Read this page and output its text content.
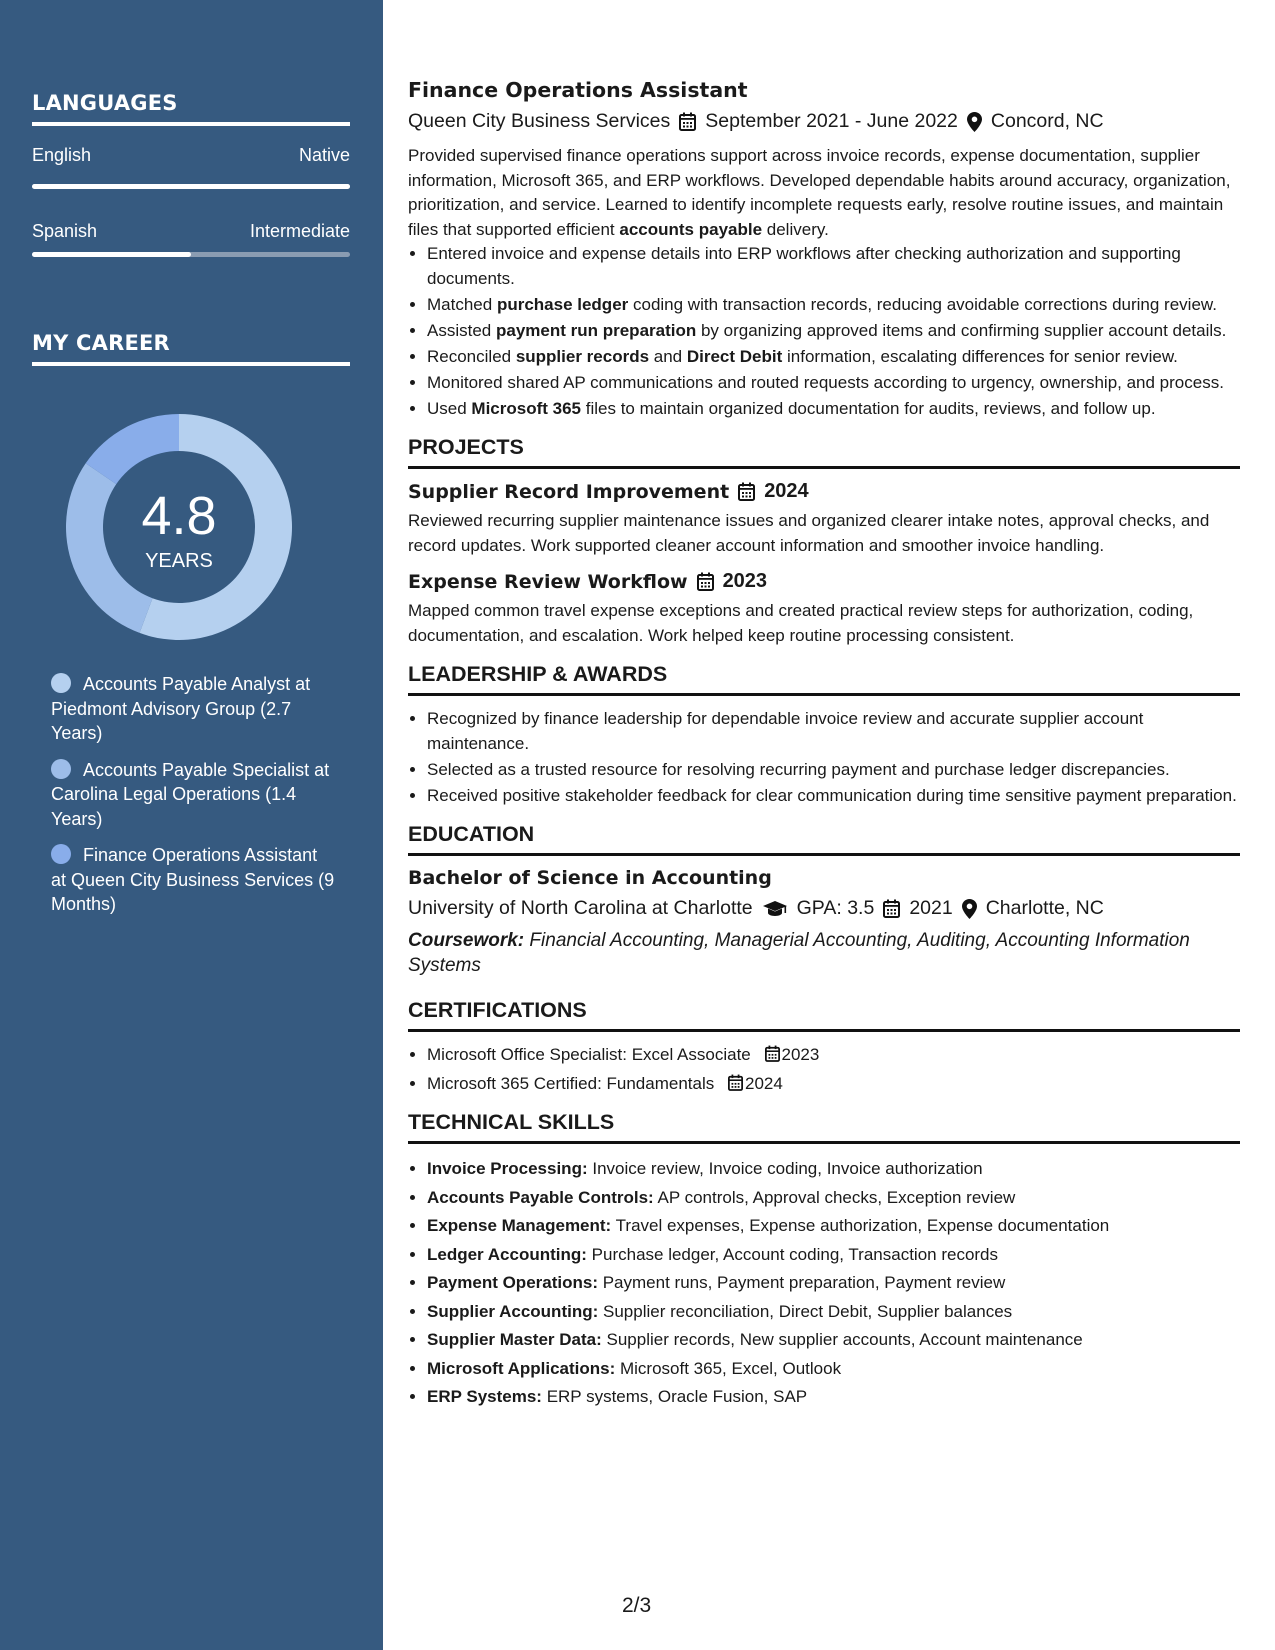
LANGUAGES
English	Native
Spanish	Intermediate
MY CAREER
4.8
YEARS
Accounts Payable Analyst at Piedmont Advisory Group (2.7 Years)
Accounts Payable Specialist at Carolina Legal Operations (1.4 Years)
Finance Operations Assistant at Queen City Business Services (9 Months)
Finance Operations Assistant
Queen City Business Services September 2021 - June 2022 Concord, NC
Provided supervised finance operations support across invoice records, expense documentation, supplier information, Microsoft 365, and ERP workflows. Developed dependable habits around accuracy, organization, prioritization, and service. Learned to identify incomplete requests early, resolve routine issues, and maintain files that supported efficient accounts payable delivery.
• Entered invoice and expense details into ERP workflows after checking authorization and supporting documents.
• Matched purchase ledger coding with transaction records, reducing avoidable corrections during review.
• Assisted payment run preparation by organizing approved items and confirming supplier account details.
• Reconciled supplier records and Direct Debit information, escalating differences for senior review.
• Monitored shared AP communications and routed requests according to urgency, ownership, and process.
• Used Microsoft 365 files to maintain organized documentation for audits, reviews, and follow up.
PROJECTS
Supplier Record Improvement 2024
Reviewed recurring supplier maintenance issues and organized clearer intake notes, approval checks, and record updates. Work supported cleaner account information and smoother invoice handling.
Expense Review Workflow 2023
Mapped common travel expense exceptions and created practical review steps for authorization, coding, documentation, and escalation. Work helped keep routine processing consistent.
LEADERSHIP & AWARDS
• Recognized by finance leadership for dependable invoice review and accurate supplier account maintenance.
• Selected as a trusted resource for resolving recurring payment and purchase ledger discrepancies.
• Received positive stakeholder feedback for clear communication during time sensitive payment preparation.
EDUCATION
Bachelor of Science in Accounting
University of North Carolina at Charlotte GPA: 3.5 2021 Charlotte, NC
Coursework: Financial Accounting, Managerial Accounting, Auditing, Accounting Information Systems
CERTIFICATIONS
• Microsoft Office Specialist: Excel Associate 2023
• Microsoft 365 Certified: Fundamentals 2024
TECHNICAL SKILLS
• Invoice Processing: Invoice review, Invoice coding, Invoice authorization
• Accounts Payable Controls: AP controls, Approval checks, Exception review
• Expense Management: Travel expenses, Expense authorization, Expense documentation
• Ledger Accounting: Purchase ledger, Account coding, Transaction records
• Payment Operations: Payment runs, Payment preparation, Payment review
• Supplier Accounting: Supplier reconciliation, Direct Debit, Supplier balances
• Supplier Master Data: Supplier records, New supplier accounts, Account maintenance
• Microsoft Applications: Microsoft 365, Excel, Outlook
• ERP Systems: ERP systems, Oracle Fusion, SAP
2/3
